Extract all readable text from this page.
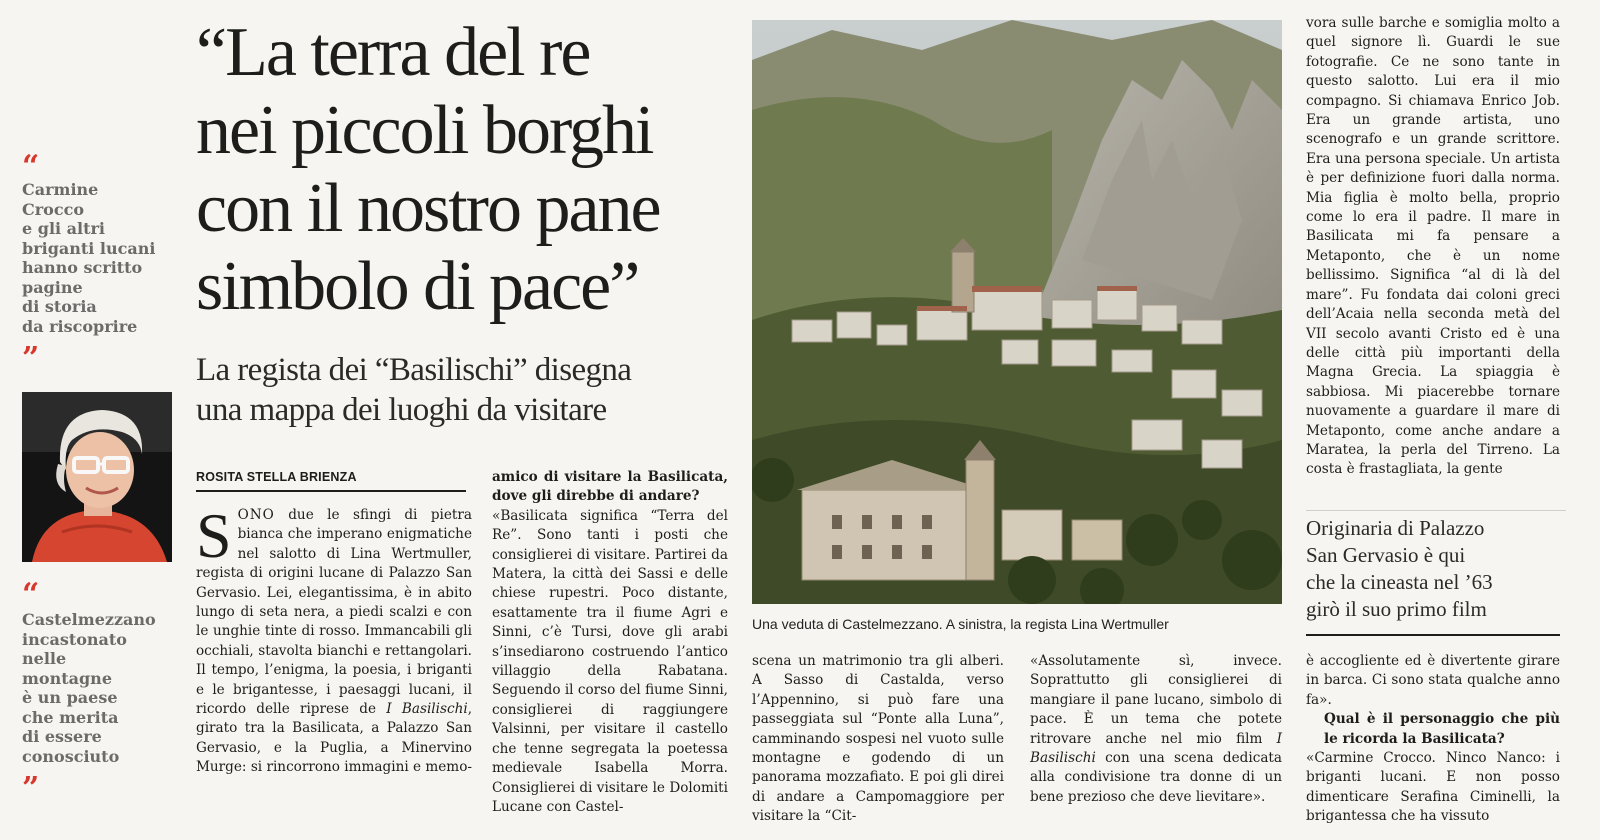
“
Carmine
Crocco
e gli altri
briganti lucani
hanno scritto
pagine
di storia
da riscoprire
”
“
Castelmezzano
incastonato
nelle
montagne
è un paese
che merita
di essere
conosciuto
”
“La terra del re
nei piccoli borghi
con il nostro pane
simbolo di pace”
La regista dei “Basilischi” disegna
una mappa dei luoghi da visitare
ROSITA STELLA BRIENZA

SONO due le sfingi di pietra bianca che imperano enigmatiche nel salotto di Lina Wertmuller, regista di origini lucane di Palazzo San Gervasio. Lei, elegantissima, è in abito lungo di seta nera, a piedi scalzi e con le unghie tinte di rosso. Immancabili gli occhiali, stavolta bianchi e rettangolari. Il tempo, l’enigma, la poesia, i briganti e le brigantesse, i paesaggi lucani, il ricordo delle riprese de I Basilischi, girato tra la Basilicata, a Palazzo San Gervasio, e la Puglia, a Minervino Murge: si rincorrono immagini e memo-

amico di visitare la Basilicata, dove gli direbbe di andare?

«Basilicata significa “Terra del Re”. Sono tanti i posti che consiglierei di visitare. Partirei da Matera, la città dei Sassi e delle chiese rupestri. Poco distante, esattamente tra il fiume Agri e Sinni, c’è Tursi, dove gli arabi s’insediarono costruendo l’antico villaggio della Rabatana. Seguendo il corso del fiume Sinni, consiglierei di raggiungere Valsinni, per visitare il castello che tenne segregata la poetessa medievale Isabella Morra. Consiglierei di visitare le Dolomiti Lucane con Castel-

Una veduta di Castelmezzano. A sinistra, la regista Lina Wertmuller

scena un matrimonio tra gli alberi. A Sasso di Castalda, verso l’Appennino, si può fare una passeggiata sul “Ponte alla Luna”, camminando sospesi nel vuoto sulle montagne e godendo di un panorama mozzafiato. E poi gli direi di andare a Campomaggiore per visitare la “Cit-

«Assolutamente sì, invece. Soprattutto gli consiglierei di mangiare il pane lucano, simbolo di pace. È un tema che potete ritrovare anche nel mio film I Basilischi con una scena dedicata alla condivisione tra donne di un bene prezioso che deve lievitare».

vora sulle barche e somiglia molto a quel signore lì. Guardi le sue fotografie. Ce ne sono tante in questo salotto. Lui era il mio compagno. Si chiamava Enrico Job. Era un grande artista, uno scenografo e un grande scrittore. Era una persona speciale. Un artista è per definizione fuori dalla norma. Mia figlia è molto bella, proprio come lo era il padre. Il mare in Basilicata mi fa pensare a Metaponto, che è un nome bellissimo. Significa “al di là del mare”. Fu fondata dai coloni greci dell’Acaia nella seconda metà del VII secolo avanti Cristo ed è una delle città più importanti della Magna Grecia. La spiaggia è sabbiosa. Mi piacerebbe tornare nuovamente a guardare il mare di Metaponto, come anche andare a Maratea, la perla del Tirreno. La costa è frastagliata, la gente

Originaria di Palazzo
San Gervasio è qui
che la cineasta nel ’63
girò il suo primo film

è accogliente ed è divertente girare in barca. Ci sono stata qualche anno fa».

Qual è il personaggio che più le ricorda la Basilicata?

«Carmine Crocco. Ninco Nanco: i briganti lucani. E non posso dimenticare Serafina Ciminelli, la brigantessa che ha vissuto
